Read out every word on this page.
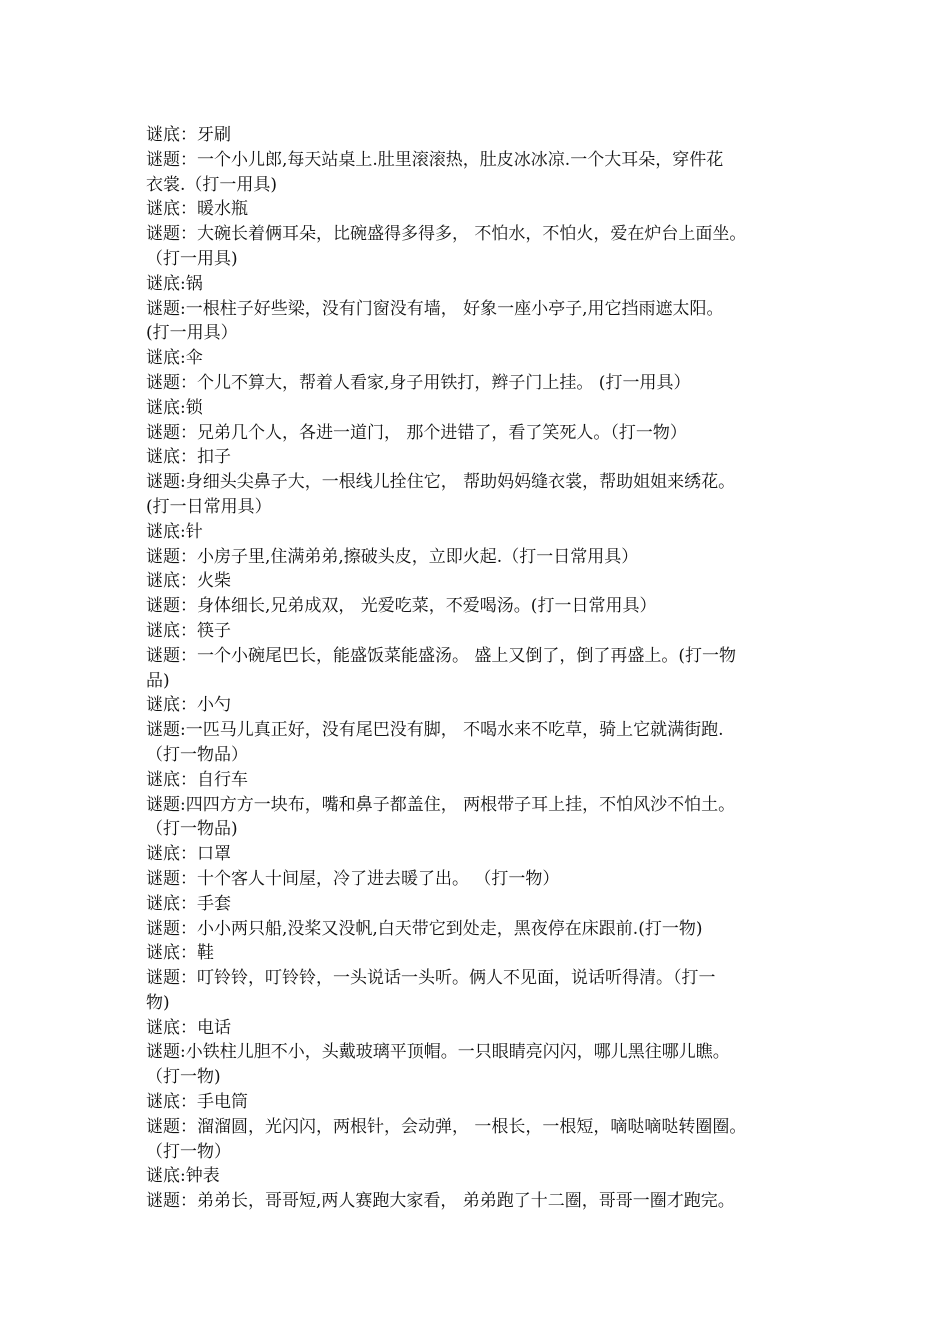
谜底：牙刷
谜题：一个小儿郎,每天站桌上.肚里滚滚热，肚皮冰冰凉.一个大耳朵，穿件花
衣裳.（打一用具)
谜底：暖水瓶
谜题：大碗长着俩耳朵，比碗盛得多得多， 不怕水，不怕火，爱在炉台上面坐。
（打一用具)
谜底:锅
谜题:一根柱子好些梁，没有门窗没有墙， 好象一座小亭子,用它挡雨遮太阳。
(打一用具）
谜底:伞
谜题：个儿不算大，帮着人看家,身子用铁打，辫子门上挂。 (打一用具）
谜底:锁
谜题：兄弟几个人，各进一道门， 那个进错了，看了笑死人。（打一物）
谜底：扣子
谜题:身细头尖鼻子大，一根线儿拴住它， 帮助妈妈缝衣裳，帮助姐姐来绣花。
(打一日常用具）
谜底:针
谜题：小房子里,住满弟弟,擦破头皮，立即火起.（打一日常用具）
谜底：火柴
谜题：身体细长,兄弟成双， 光爱吃菜，不爱喝汤。(打一日常用具）
谜底：筷子
谜题：一个小碗尾巴长，能盛饭菜能盛汤。 盛上又倒了，倒了再盛上。(打一物
品)
谜底：小勺
谜题:一匹马儿真正好，没有尾巴没有脚， 不喝水来不吃草，骑上它就满街跑.
（打一物品）
谜底：自行车
谜题:四四方方一块布，嘴和鼻子都盖住， 两根带子耳上挂，不怕风沙不怕土。
（打一物品)
谜底：口罩
谜题：十个客人十间屋，冷了进去暖了出。 （打一物）
谜底：手套
谜题：小小两只船,没桨又没帆,白天带它到处走，黑夜停在床跟前.(打一物)
谜底：鞋
谜题：叮铃铃，叮铃铃，一头说话一头听。俩人不见面，说话听得清。（打一
物)
谜底：电话
谜题:小铁柱儿胆不小，头戴玻璃平顶帽。一只眼睛亮闪闪，哪儿黑往哪儿瞧。
（打一物)
谜底：手电筒
谜题：溜溜圆，光闪闪，两根针，会动弹， 一根长，一根短，嘀哒嘀哒转圈圈。
（打一物）
谜底:钟表
谜题：弟弟长，哥哥短,两人赛跑大家看， 弟弟跑了十二圈，哥哥一圈才跑完。
